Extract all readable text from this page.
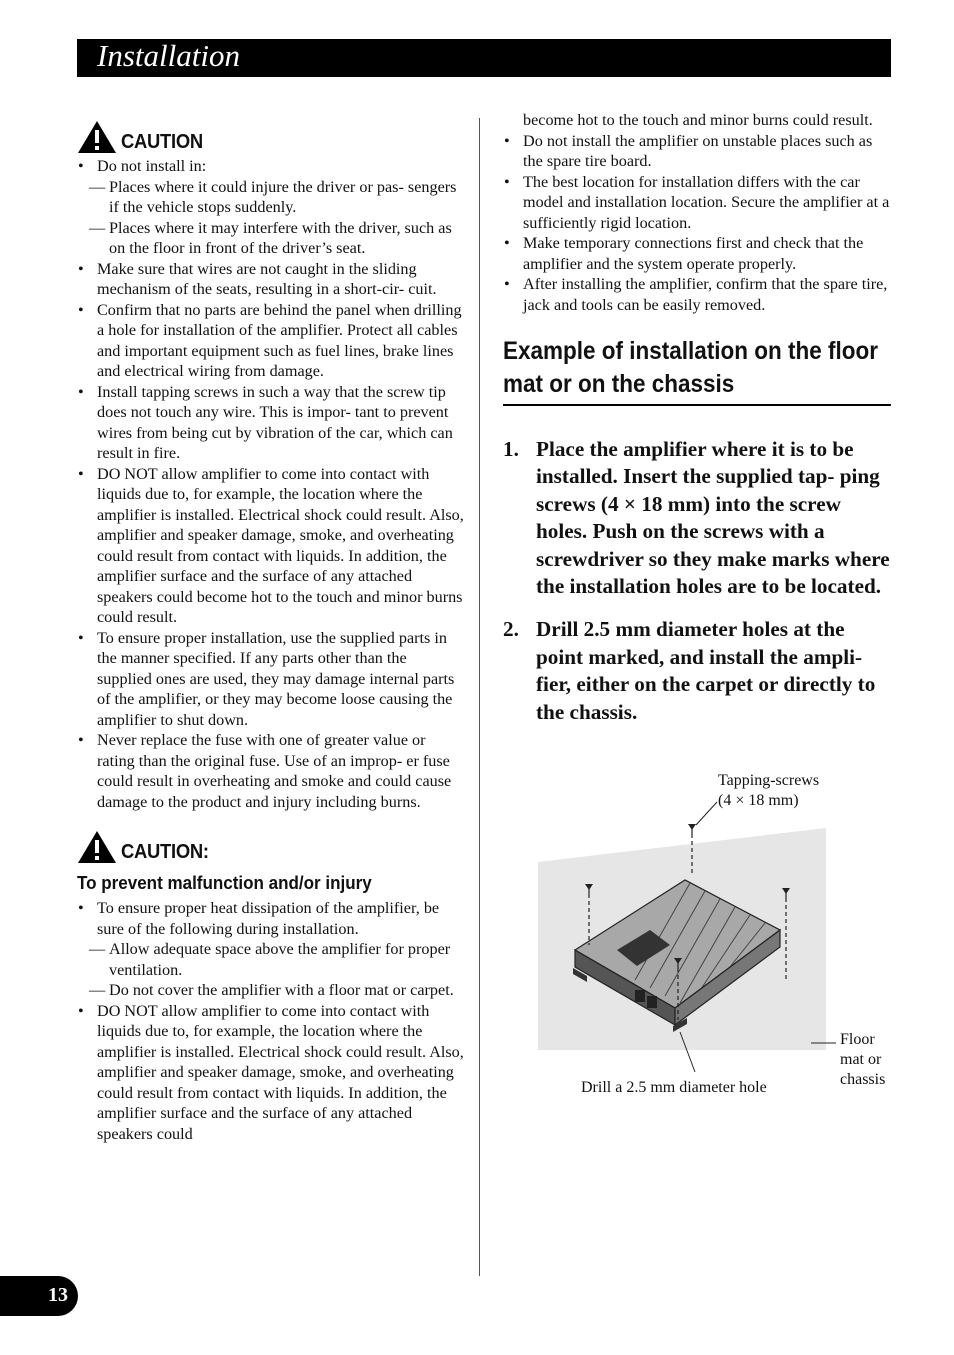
Installation
CAUTION
• Do not install in:
— Places where it could injure the driver or pas- sengers if the vehicle stops suddenly.
— Places where it may interfere with the driver, such as on the floor in front of the driver’s seat.
• Make sure that wires are not caught in the sliding mechanism of the seats, resulting in a short-cir- cuit.
• Confirm that no parts are behind the panel when drilling a hole for installation of the amplifier. Protect all cables and important equipment such as fuel lines, brake lines and electrical wiring from damage.
• Install tapping screws in such a way that the screw tip does not touch any wire. This is impor- tant to prevent wires from being cut by vibration of the car, which can result in fire.
• DO NOT allow amplifier to come into contact with liquids due to, for example, the location where the amplifier is installed. Electrical shock could result. Also, amplifier and speaker damage, smoke, and overheating could result from contact with liquids. In addition, the amplifier surface and the surface of any attached speakers could become hot to the touch and minor burns could result.
• To ensure proper installation, use the supplied parts in the manner specified. If any parts other than the supplied ones are used, they may damage internal parts of the amplifier, or they may become loose causing the amplifier to shut down.
• Never replace the fuse with one of greater value or rating than the original fuse. Use of an improp- er fuse could result in overheating and smoke and could cause damage to the product and injury including burns.
CAUTION:
To prevent malfunction and/or injury
• To ensure proper heat dissipation of the amplifier, be sure of the following during installation.
— Allow adequate space above the amplifier for proper ventilation.
— Do not cover the amplifier with a floor mat or carpet.
• DO NOT allow amplifier to come into contact with liquids due to, for example, the location where the amplifier is installed. Electrical shock could result. Also, amplifier and speaker damage, smoke, and overheating could result from contact with liquids. In addition, the amplifier surface and the surface of any attached speakers could
become hot to the touch and minor burns could result.
• Do not install the amplifier on unstable places such as the spare tire board.
• The best location for installation differs with the car model and installation location. Secure the amplifier at a sufficiently rigid location.
• Make temporary connections first and check that the amplifier and the system operate properly.
• After installing the amplifier, confirm that the spare tire, jack and tools can be easily removed.
Example of installation on the floor mat or on the chassis
1. Place the amplifier where it is to be installed. Insert the supplied tap- ping screws (4 × 18 mm) into the screw holes. Push on the screws with a screwdriver so they make marks where the installation holes are to be located.
2. Drill 2.5 mm diameter holes at the point marked, and install the ampli- fier, either on the carpet or directly to the chassis.
Tapping-screws
(4 × 18 mm)
Drill a 2.5 mm diameter hole
Floor
mat or
chassis
13
